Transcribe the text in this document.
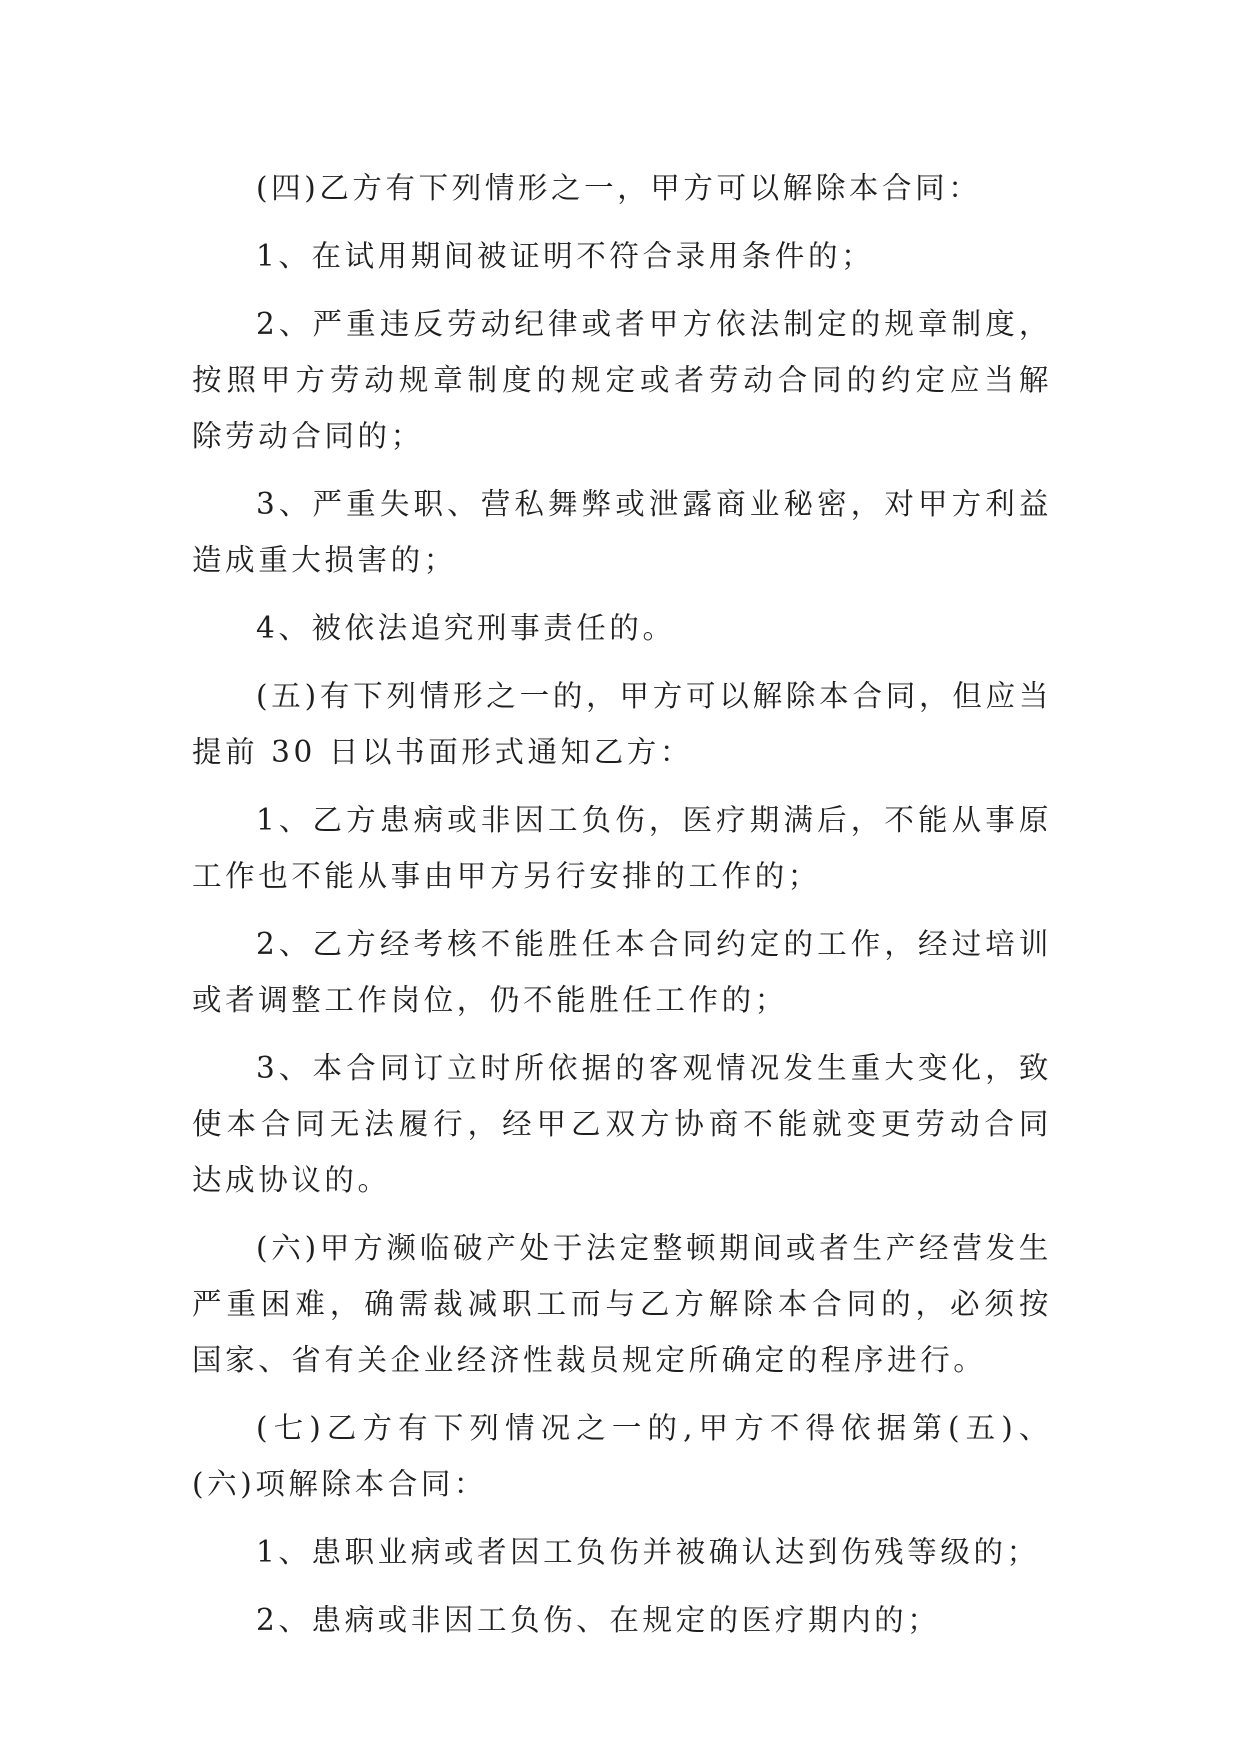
(四)乙方有下列情形之一，甲方可以解除本合同：

1、在试用期间被证明不符合录用条件的；

2、严重违反劳动纪律或者甲方依法制定的规章制度，按照甲方劳动规章制度的规定或者劳动合同的约定应当解除劳动合同的；

3、严重失职、营私舞弊或泄露商业秘密，对甲方利益造成重大损害的；

4、被依法追究刑事责任的。

(五)有下列情形之一的，甲方可以解除本合同，但应当提前 30 日以书面形式通知乙方：

1、乙方患病或非因工负伤，医疗期满后，不能从事原工作也不能从事由甲方另行安排的工作的；

2、乙方经考核不能胜任本合同约定的工作，经过培训或者调整工作岗位，仍不能胜任工作的；

3、本合同订立时所依据的客观情况发生重大变化，致使本合同无法履行，经甲乙双方协商不能就变更劳动合同达成协议的。

(六)甲方濒临破产处于法定整顿期间或者生产经营发生严重困难，确需裁减职工而与乙方解除本合同的，必须按国家、省有关企业经济性裁员规定所确定的程序进行。

(七)乙方有下列情况之一的,甲方不得依据第(五)、(六)项解除本合同：

1、患职业病或者因工负伤并被确认达到伤残等级的；

2、患病或非因工负伤、在规定的医疗期内的；
